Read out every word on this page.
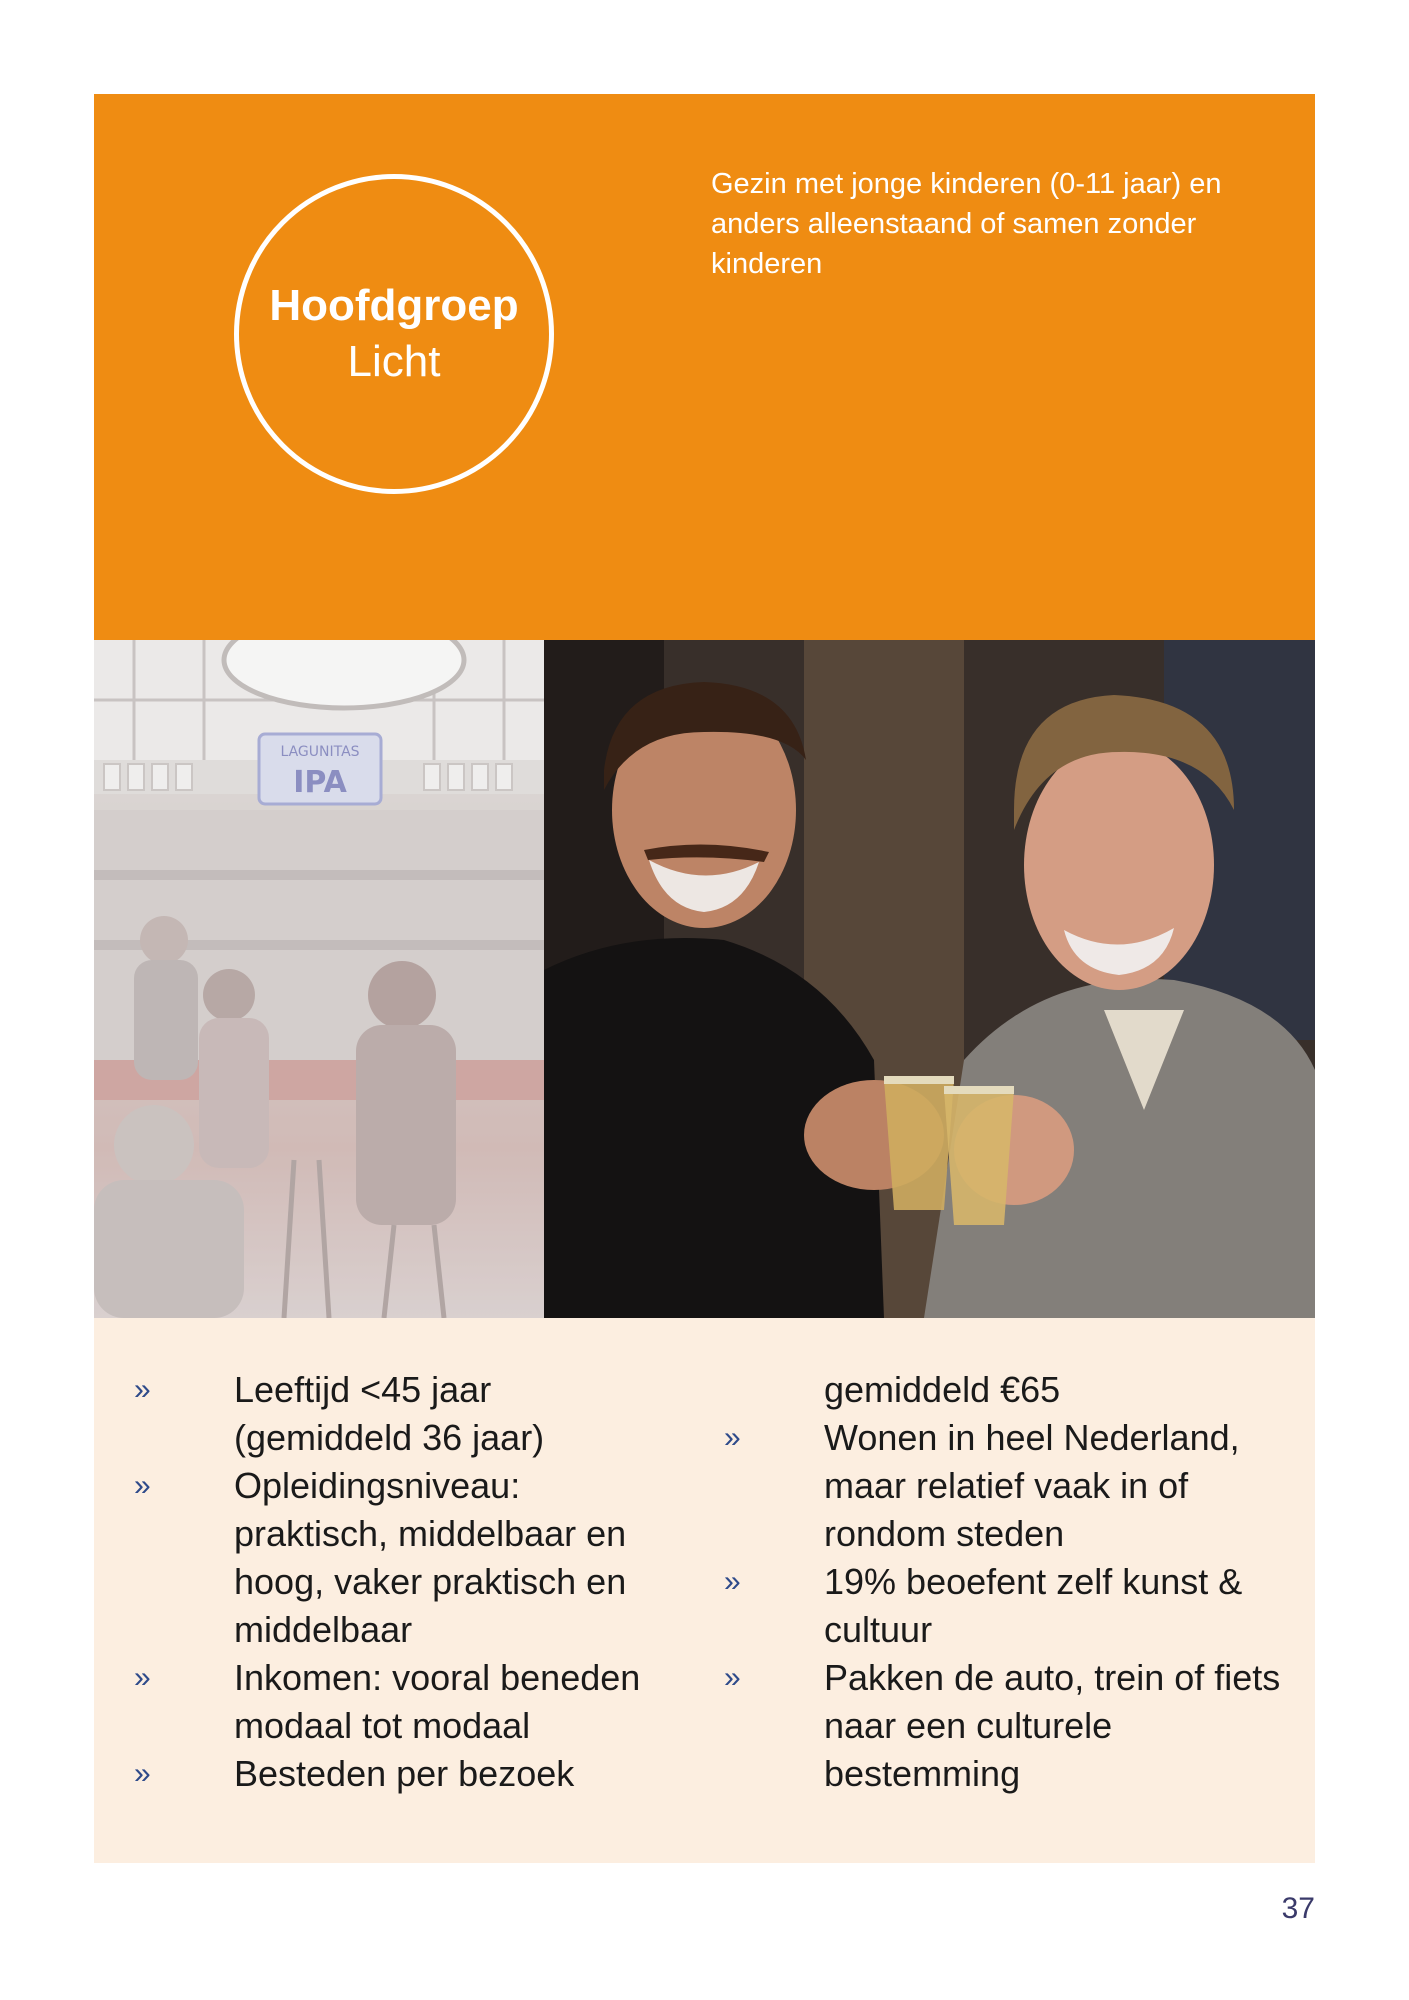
Hoofdgroep
Licht
Gezin met jonge kinderen (0-11 jaar) en anders alleenstaand of samen zonder kinderen
LAGUNITAS
IPA
»	Leeftijd <45 jaar (gemiddeld 36 jaar)
»	Opleidingsniveau: praktisch, middelbaar en hoog, vaker praktisch en middelbaar
»	Inkomen: vooral beneden modaal tot modaal
»	Besteden per bezoek
gemiddeld €65
»	Wonen in heel Nederland, maar relatief vaak in of rondom steden
»	19% beoefent zelf kunst & cultuur
»	Pakken de auto, trein of fiets naar een culturele bestemming
37
